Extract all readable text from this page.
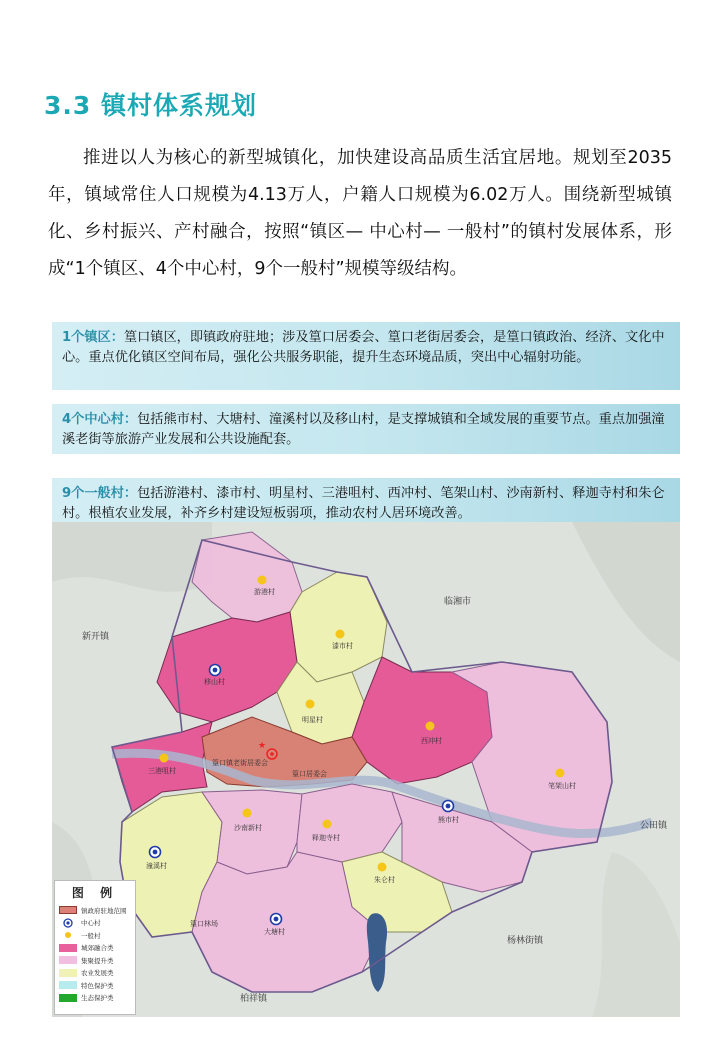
3.3 镇村体系规划

推进以人为核心的新型城镇化，加快建设高品质生活宜居地。规划至2035年，镇域常住人口规模为4.13万人，户籍人口规模为6.02万人。围绕新型城镇化、乡村振兴、产村融合，按照“镇区— 中心村— 一般村”的镇村发展体系，形成“1个镇区、4个中心村，9个一般村”规模等级结构。

1个镇区：篁口镇区，即镇政府驻地；涉及篁口居委会、篁口老街居委会，是篁口镇政治、经济、文化中心。重点优化镇区空间布局，强化公共服务职能，提升生态环境品质，突出中心辐射功能。
4个中心村：包括熊市村、大塘村、潼溪村以及移山村，是支撑城镇和全域发展的重要节点。重点加强潼溪老街等旅游产业发展和公共设施配套。
9个一般村：包括游港村、漆市村、明星村、三港咀村、西冲村、笔架山村、沙南新村、释迦寺村和朱仑村。根植农业发展，补齐乡村建设短板弱项，推动农村人居环境改善。
★
新开镇
临湘市
公田镇
杨林街镇
柏祥镇
游港村
漆市村
移山村
明星村
西冲村
三港咀村
篁口镇老街居委会
篁口居委会
笔架山村
沙南新村
释迦寺村
熊市村
潼溪村
朱仑村
大塘村
篁口林场
图 例
镇政府驻地范围
中心村
一般村
城郊融合类
集聚提升类
农业发展类
特色保护类
生态保护类
